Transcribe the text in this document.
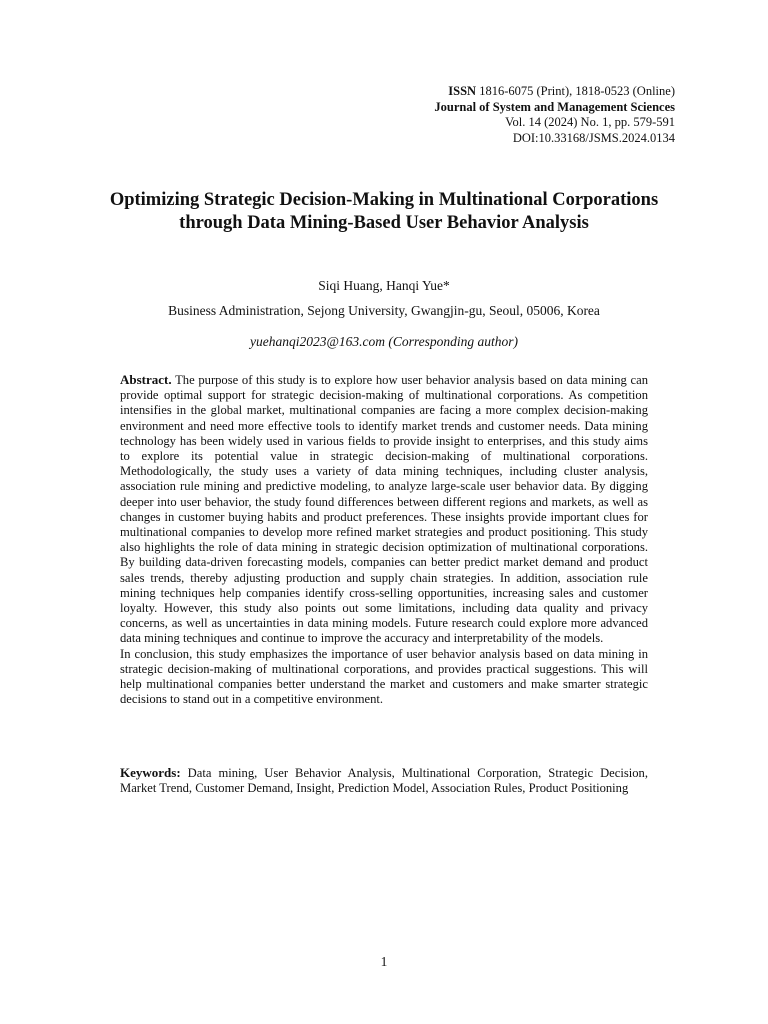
ISSN 1816-6075 (Print), 1818-0523 (Online)
Journal of System and Management Sciences
Vol. 14 (2024) No. 1, pp. 579-591
DOI:10.33168/JSMS.2024.0134
Optimizing Strategic Decision-Making in Multinational Corporations through Data Mining-Based User Behavior Analysis
Siqi Huang, Hanqi Yue*
Business Administration, Sejong University, Gwangjin-gu, Seoul, 05006, Korea
yuehanqi2023@163.com (Corresponding author)

Abstract. The purpose of this study is to explore how user behavior analysis based on data mining can provide optimal support for strategic decision-making of multinational corporations. As competition intensifies in the global market, multinational companies are facing a more complex decision-making environment and need more effective tools to identify market trends and customer needs. Data mining technology has been widely used in various fields to provide insight to enterprises, and this study aims to explore its potential value in strategic decision-making of multinational corporations. Methodologically, the study uses a variety of data mining techniques, including cluster analysis, association rule mining and predictive modeling, to analyze large-scale user behavior data. By digging deeper into user behavior, the study found differences between different regions and markets, as well as changes in customer buying habits and product preferences. These insights provide important clues for multinational companies to develop more refined market strategies and product positioning. This study also highlights the role of data mining in strategic decision optimization of multinational corporations. By building data-driven forecasting models, companies can better predict market demand and product sales trends, thereby adjusting production and supply chain strategies. In addition, association rule mining techniques help companies identify cross-selling opportunities, increasing sales and customer loyalty. However, this study also points out some limitations, including data quality and privacy concerns, as well as uncertainties in data mining models. Future research could explore more advanced data mining techniques and continue to improve the accuracy and interpretability of the models.

In conclusion, this study emphasizes the importance of user behavior analysis based on data mining in strategic decision-making of multinational corporations, and provides practical suggestions. This will help multinational companies better understand the market and customers and make smarter strategic decisions to stand out in a competitive environment.

Keywords: Data mining, User Behavior Analysis, Multinational Corporation, Strategic Decision, Market Trend, Customer Demand, Insight, Prediction Model, Association Rules, Product Positioning
1
